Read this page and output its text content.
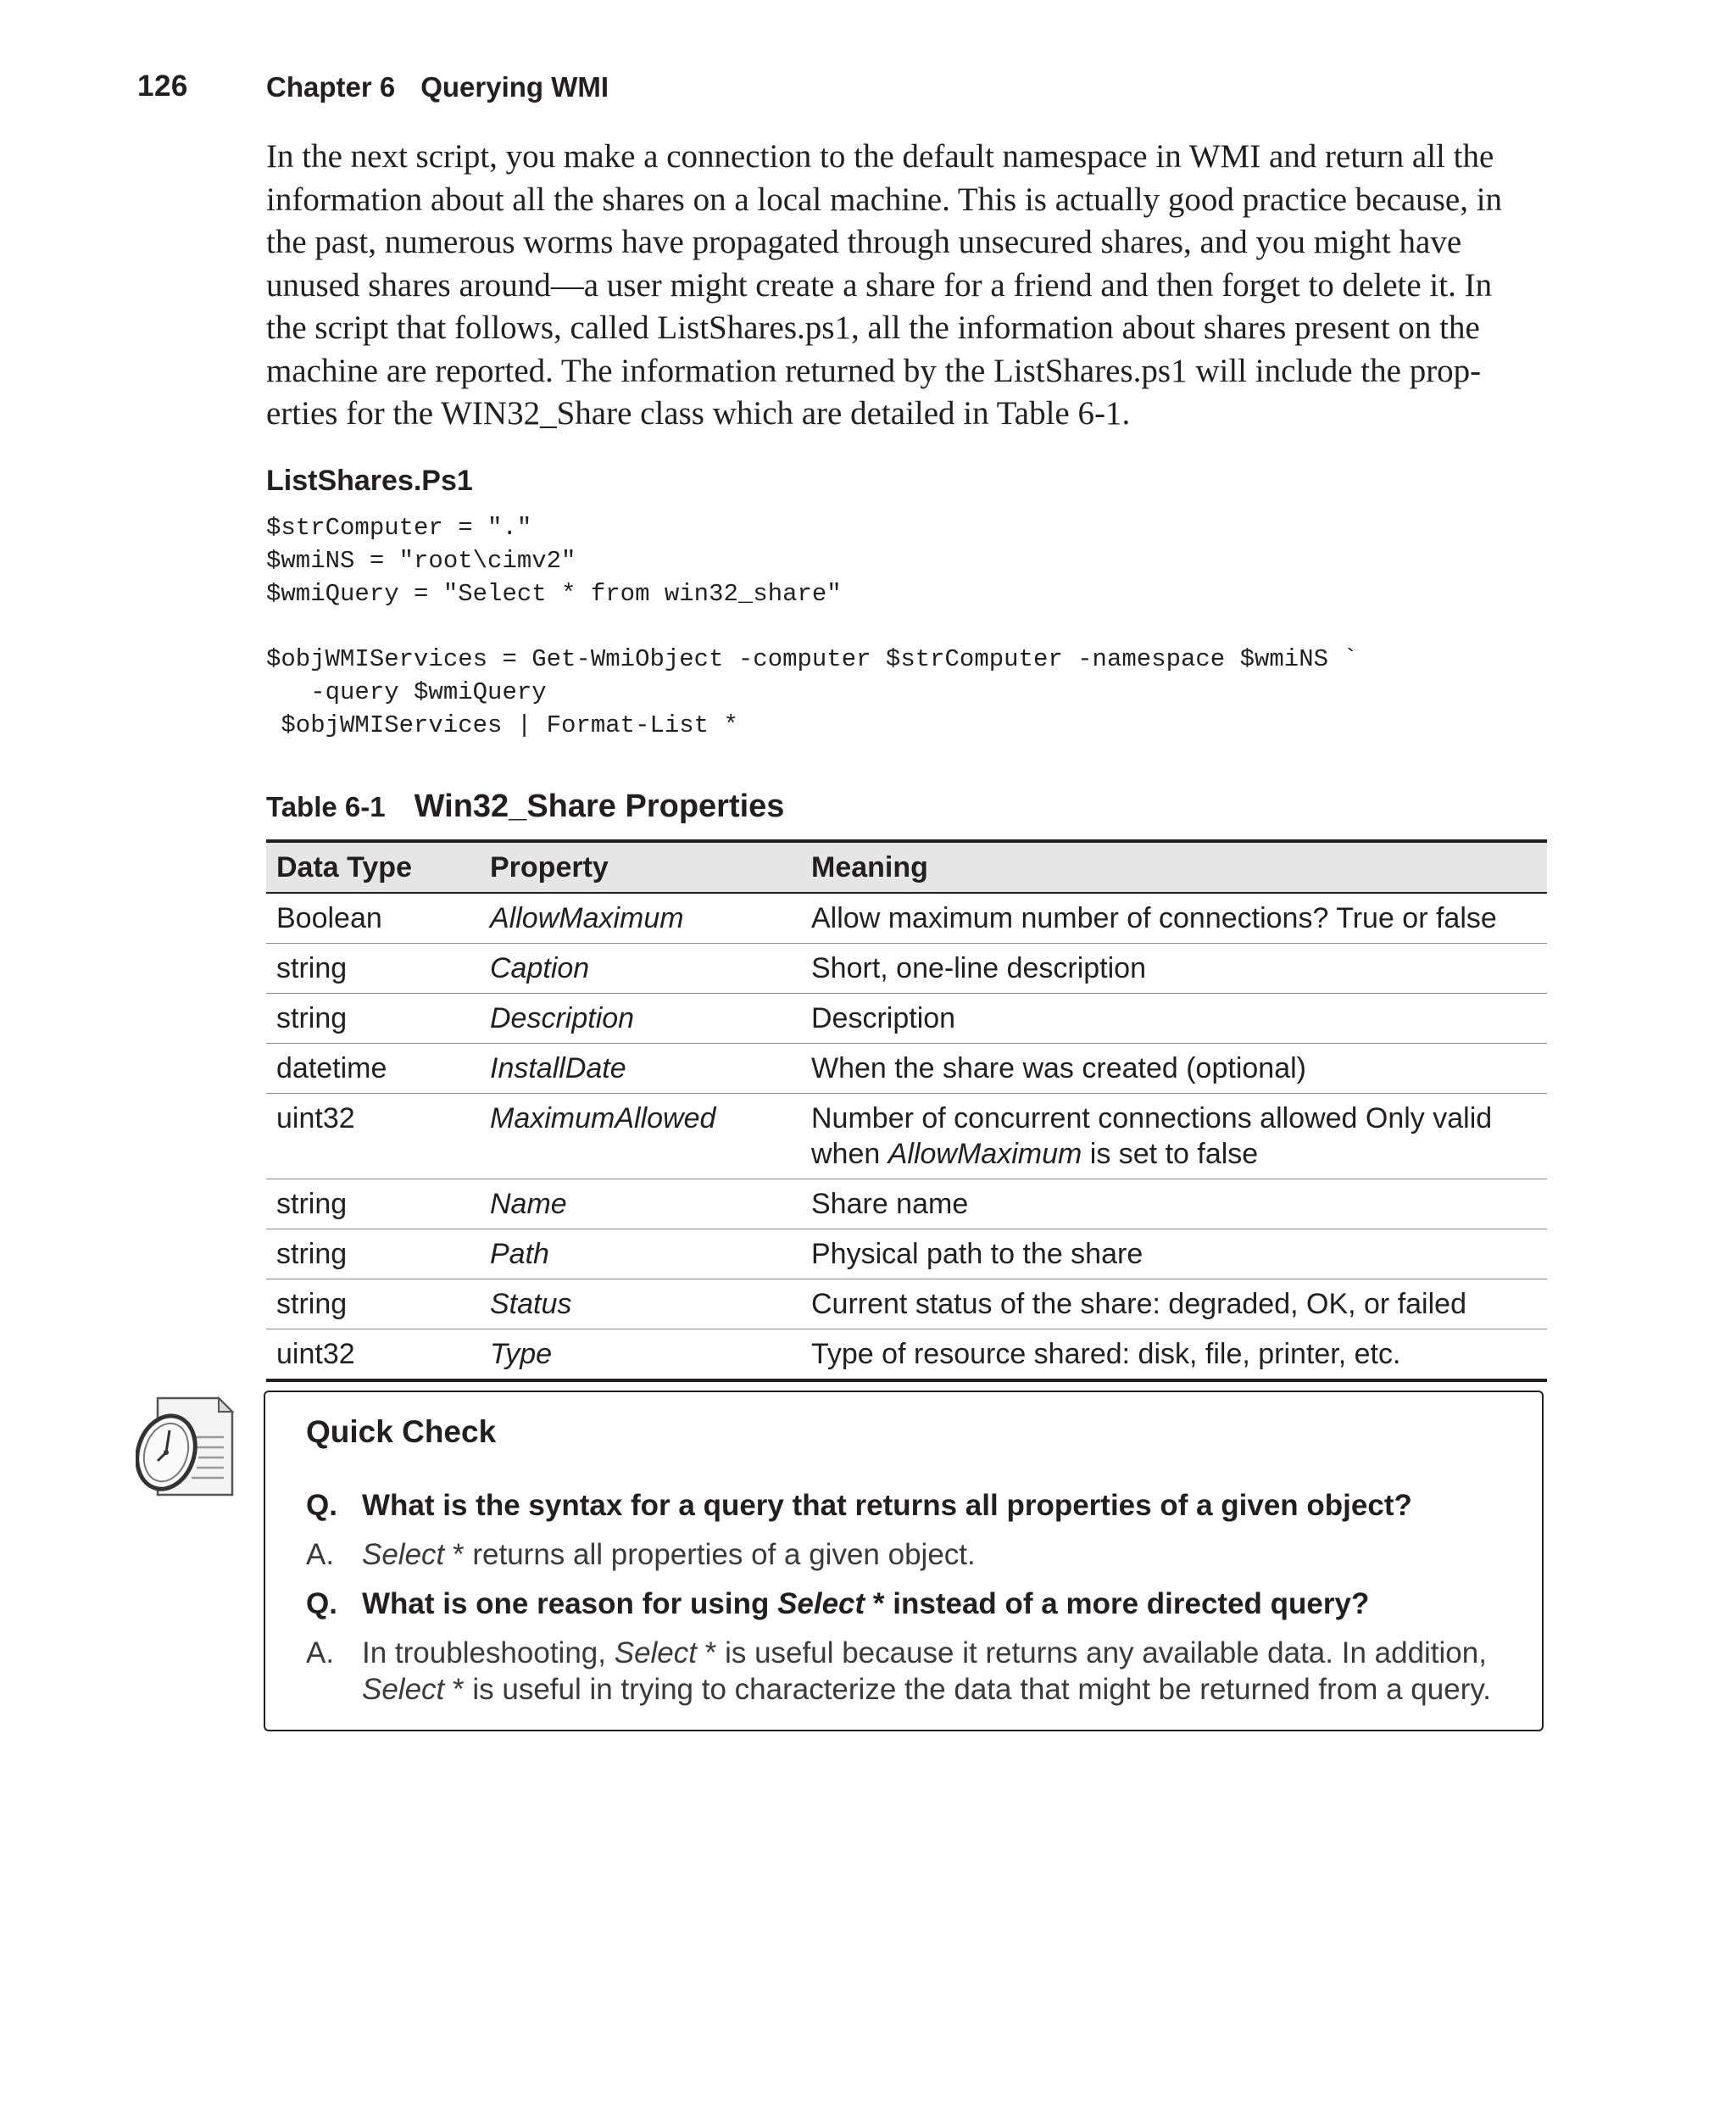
126	Chapter 6 Querying WMI
In the next script, you make a connection to the default namespace in WMI and return all the
information about all the shares on a local machine. This is actually good practice because, in
the past, numerous worms have propagated through unsecured shares, and you might have
unused shares around—a user might create a share for a friend and then forget to delete it. In
the script that follows, called ListShares.ps1, all the information about shares present on the
machine are reported. The information returned by the ListShares.ps1 will include the prop-
erties for the WIN32_Share class which are detailed in Table 6-1.
ListShares.Ps1
$strComputer = "."
$wmiNS = "root\cimv2"
$wmiQuery = "Select * from win32_share"
$objWMIServices = Get-WmiObject -computer $strComputer -namespace $wmiNS `
-query $wmiQuery
$objWMIServices | Format-List *
Table 6-1 Win32_Share Properties
Data Type	Property	Meaning
Boolean	AllowMaximum	Allow maximum number of connections? True or false
string	Caption	Short, one-line description
string	Description	Description
datetime	InstallDate	When the share was created (optional)
uint32	MaximumAllowed	Number of concurrent connections allowed Only valid
when AllowMaximum is set to false
string	Name	Share name
string	Path	Physical path to the share
string	Status	Current status of the share: degraded, OK, or failed
uint32	Type	Type of resource shared: disk, file, printer, etc.
Quick Check
Q. What is the syntax for a query that returns all properties of a given object?
A. Select * returns all properties of a given object.
Q. What is one reason for using Select * instead of a more directed query?
A. In troubleshooting, Select * is useful because it returns any available data. In addition,
Select * is useful in trying to characterize the data that might be returned from a query.
